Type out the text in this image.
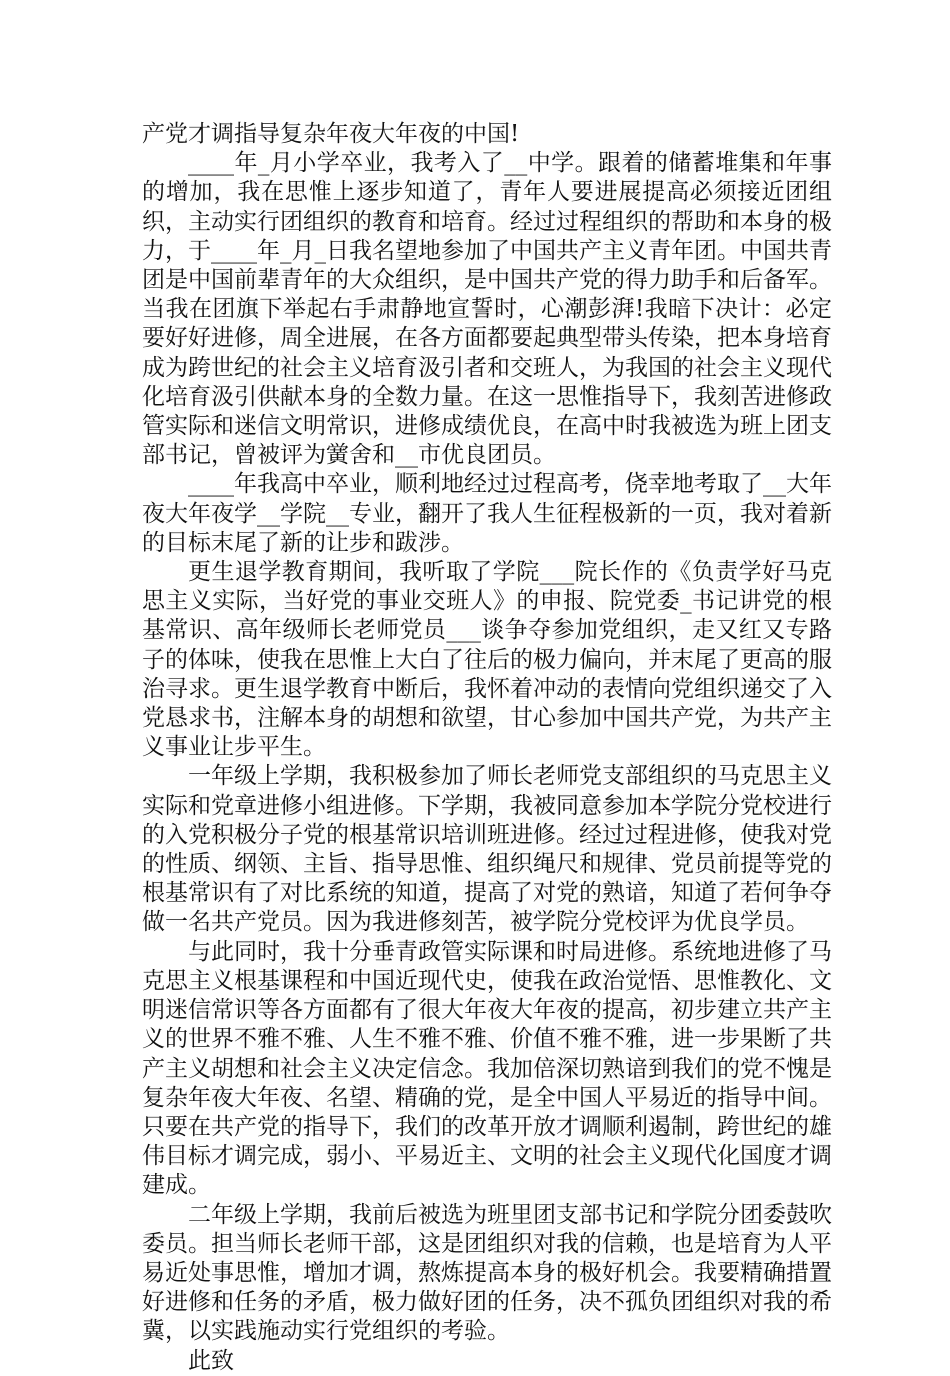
产党才调指导复杂年夜大年夜的中国!

____年_月小学卒业，我考入了__中学。跟着的储蓄堆集和年事的增加，我在思惟上逐步知道了，青年人要进展提高必须接近团组织，主动实行团组织的教育和培育。经过过程组织的帮助和本身的极力，于____年_月_日我名望地参加了中国共产主义青年团。中国共青团是中国前辈青年的大众组织，是中国共产党的得力助手和后备军。当我在团旗下举起右手肃静地宣誓时，心潮彭湃!我暗下决计：必定要好好进修，周全进展，在各方面都要起典型带头传染，把本身培育成为跨世纪的社会主义培育汲引者和交班人，为我国的社会主义现代化培育汲引供献本身的全数力量。在这一思惟指导下，我刻苦进修政管实际和迷信文明常识，进修成绩优良，在高中时我被选为班上团支部书记，曾被评为黉舍和__市优良团员。

____年我高中卒业，顺利地经过过程高考，侥幸地考取了__大年夜大年夜学__学院__专业，翻开了我人生征程极新的一页，我对着新的目标末尾了新的让步和跋涉。

更生退学教育期间，我听取了学院___院长作的《负责学好马克思主义实际，当好党的事业交班人》的申报、院党委_书记讲党的根基常识、高年级师长老师党员___谈争夺参加党组织，走又红又专路子的体味，使我在思惟上大白了往后的极力偏向，并末尾了更高的服治寻求。更生退学教育中断后，我怀着冲动的表情向党组织递交了入党恳求书，注解本身的胡想和欲望，甘心参加中国共产党，为共产主义事业让步平生。

一年级上学期，我积极参加了师长老师党支部组织的马克思主义实际和党章进修小组进修。下学期，我被同意参加本学院分党校进行的入党积极分子党的根基常识培训班进修。经过过程进修，使我对党的性质、纲领、主旨、指导思惟、组织绳尺和规律、党员前提等党的根基常识有了对比系统的知道，提高了对党的熟谙，知道了若何争夺做一名共产党员。因为我进修刻苦，被学院分党校评为优良学员。

与此同时，我十分垂青政管实际课和时局进修。系统地进修了马克思主义根基课程和中国近现代史，使我在政治觉悟、思惟教化、文明迷信常识等各方面都有了很大年夜大年夜的提高，初步建立共产主义的世界不雅不雅、人生不雅不雅、价值不雅不雅，进一步果断了共产主义胡想和社会主义决定信念。我加倍深切熟谙到我们的党不愧是复杂年夜大年夜、名望、精确的党，是全中国人平易近的指导中间。只要在共产党的指导下，我们的改革开放才调顺利遏制，跨世纪的雄伟目标才调完成，弱小、平易近主、文明的社会主义现代化国度才调建成。

二年级上学期，我前后被选为班里团支部书记和学院分团委鼓吹委员。担当师长老师干部，这是团组织对我的信赖，也是培育为人平易近处事思惟，增加才调，熬炼提高本身的极好机会。我要精确措置好进修和任务的矛盾，极力做好团的任务，决不孤负团组织对我的希冀，以实践施动实行党组织的考验。

此致
